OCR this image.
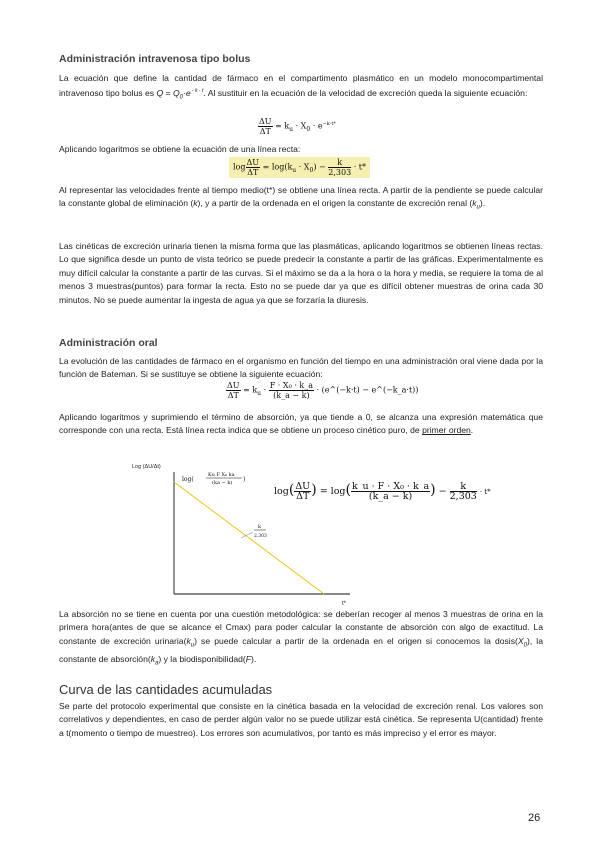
Administración intravenosa tipo bolus

La ecuación que define la cantidad de fármaco en el compartimento plasmático en un modelo monocompartimental intravenoso tipo bolus es $Q = Q_0\cdot e$ $^{- k \cdot t}$. Al sustituir en la ecuación de la velocidad de excreción queda la siguiente ecuación:

$\frac{\Delta U}{\Delta T} = k_u \cdot X_0 \cdot e^{-k\cdot t*}$
Aplicando logaritmos se obtiene la ecuación de una línea recta:
$\log \frac{\Delta U}{\Delta T} = \log(k_u \cdot X_0) - \frac{k}{2,303} \cdot t*$

Al representar las velocidades frente al tiempo medio(t*) se obtiene una línea recta. A partir de la pendiente se puede calcular la constante global de eliminación (k), y a partir de la ordenada en el origen la constante de excreción renal $(k_u)$.

Las cinéticas de excreción urinaria tienen la misma forma que las plasmáticas, aplicando logaritmos se obtienen líneas rectas. Lo que significa desde un punto de vista teórico se puede predecir la constante a partir de las gráficas. Experimentalmente es muy difícil calcular la constante a partir de las curvas. Si el máximo se da a la hora o la hora y media, se requiere la toma de al menos 3 muestras(puntos) para formar la recta. Esto no se puede dar ya que es difícil obtener muestras de orina cada 30 minutos. No se puede aumentar la ingesta de agua ya que se forzaría la diuresis.
Administración oral
La evolución de las cantidades de fármaco en el organismo en función del tiempo en una administración oral viene dada por la función de Bateman. Si se sustituye se obtiene la siguiente ecuación:
$\frac{\Delta U}{\Delta T} = k_u \cdot \frac{\text{F · X₀ · k\_a}}{(k\_a - k)}$ · (e^(−k·t) − e^(−k_a·t))

Aplicando logaritmos y suprimiendo el término de absorción, ya que tiende a 0, se alcanza una expresión matemática que corresponde con una recta. Está línea recta indica que se obtiene un proceso cinético puro, de primer orden.

Log (ΔU/Δt)
t*
log(
Ku F X₀ ka
(ka − k) )
k
2,303
$\log( \frac{\Delta U}{\Delta T}$ ) = $\log( \frac{\text{k\_u · F · X₀ · k\_a}}{(k\_a - k)}$ ) − $\frac{k}{2,303} \cdot t*$

La absorción no se tiene en cuenta por una cuestión metodológica: se deberían recoger al menos 3 muestras de orina en la primera hora(antes de que se alcance el Cmax) para poder calcular la constante de absorción con algo de exactitud. La constante de excreción $urinaria(k_u)$ se puede calcular a partir de la ordenada en el origen si conocemos la $dosis(X_0)$, la constante de $absorción(k_a)$ y la biodisponibilidad(F).

Curva de las cantidades acumuladas
Se parte del protocolo experimental que consiste en la cinética basada en la velocidad de excreción renal. Los valores son correlativos y dependientes, en caso de perder algún valor no se puede utilizar está cinética. Se representa U(cantidad) frente a t(momento o tiempo de muestreo). Los errores son acumulativos, por tanto es más impreciso y el error es mayor.
26
